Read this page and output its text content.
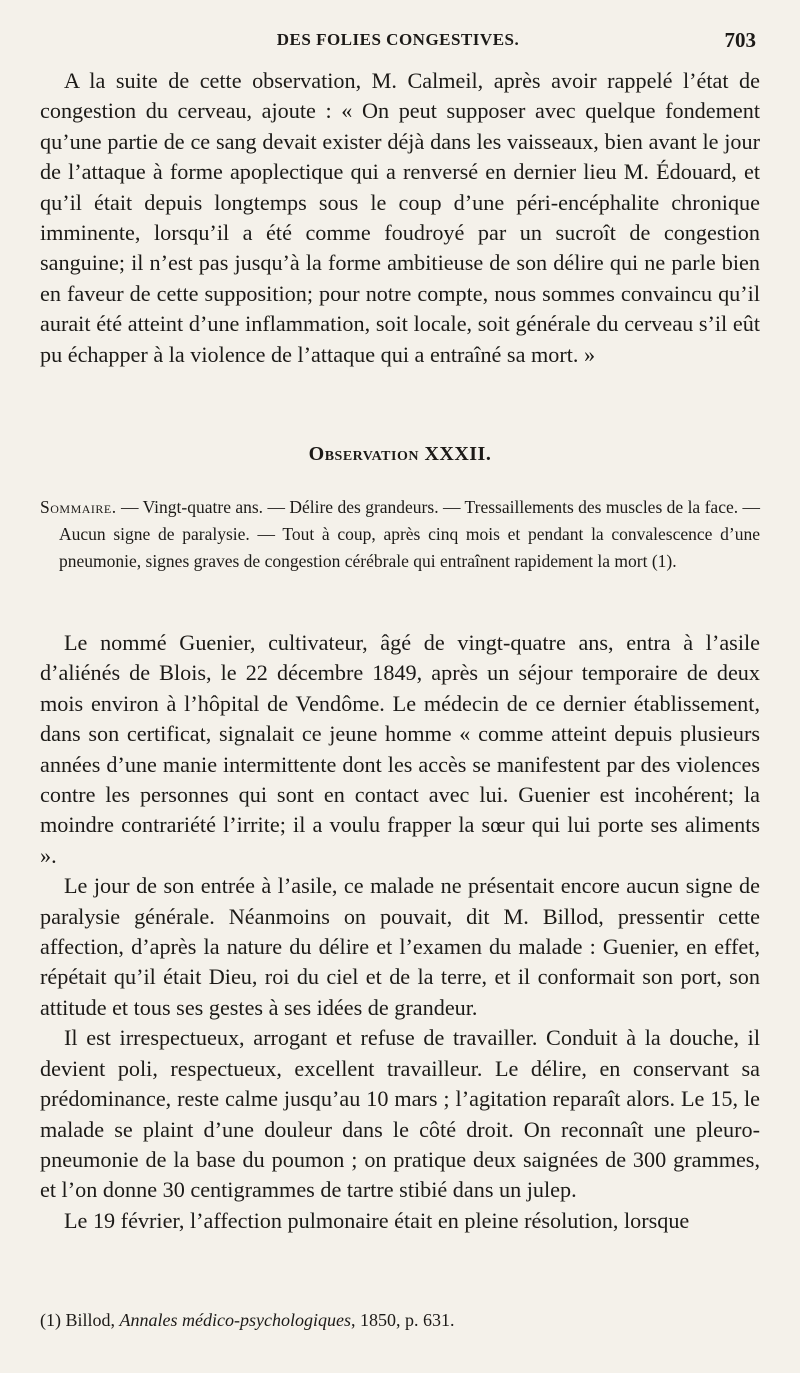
DES FOLIES CONGESTIVES.	703

A la suite de cette observation, M. Calmeil, après avoir rappelé l’état de congestion du cerveau, ajoute : « On peut supposer avec quelque fondement qu’une partie de ce sang devait exister déjà dans les vaisseaux, bien avant le jour de l’attaque à forme apoplectique qui a renversé en dernier lieu M. Édouard, et qu’il était depuis longtemps sous le coup d’une péri-encéphalite chronique imminente, lorsqu’il a été comme foudroyé par un sucroît de congestion sanguine; il n’est pas jusqu’à la forme ambitieuse de son délire qui ne parle bien en faveur de cette supposition; pour notre compte, nous sommes convaincu qu’il aurait été atteint d’une inflammation, soit locale, soit générale du cerveau s’il eût pu échapper à la violence de l’attaque qui a entraîné sa mort. »

Observation XXXII.
Sommaire. — Vingt-quatre ans. — Délire des grandeurs. — Tressaillements des muscles de la face. — Aucun signe de paralysie. — Tout à coup, après cinq mois et pendant la convalescence d’une pneumonie, signes graves de congestion cérébrale qui entraînent rapidement la mort (1).

Le nommé Guenier, cultivateur, âgé de vingt-quatre ans, entra à l’asile d’aliénés de Blois, le 22 décembre 1849, après un séjour temporaire de deux mois environ à l’hôpital de Vendôme. Le médecin de ce dernier établissement, dans son certificat, signalait ce jeune homme « comme atteint depuis plusieurs années d’une manie intermittente dont les accès se manifestent par des violences contre les personnes qui sont en contact avec lui. Guenier est incohérent; la moindre contrariété l’irrite; il a voulu frapper la sœur qui lui porte ses aliments ».

Le jour de son entrée à l’asile, ce malade ne présentait encore aucun signe de paralysie générale. Néanmoins on pouvait, dit M. Billod, pressentir cette affection, d’après la nature du délire et l’examen du malade : Guenier, en effet, répétait qu’il était Dieu, roi du ciel et de la terre, et il conformait son port, son attitude et tous ses gestes à ses idées de grandeur.

Il est irrespectueux, arrogant et refuse de travailler. Conduit à la douche, il devient poli, respectueux, excellent travailleur. Le délire, en conservant sa prédominance, reste calme jusqu’au 10 mars ; l’agitation reparaît alors. Le 15, le malade se plaint d’une douleur dans le côté droit. On reconnaît une pleuro-pneumonie de la base du poumon ; on pratique deux saignées de 300 grammes, et l’on donne 30 centigrammes de tartre stibié dans un julep.

Le 19 février, l’affection pulmonaire était en pleine résolution, lorsque

(1) Billod, Annales médico-psychologiques, 1850, p. 631.
